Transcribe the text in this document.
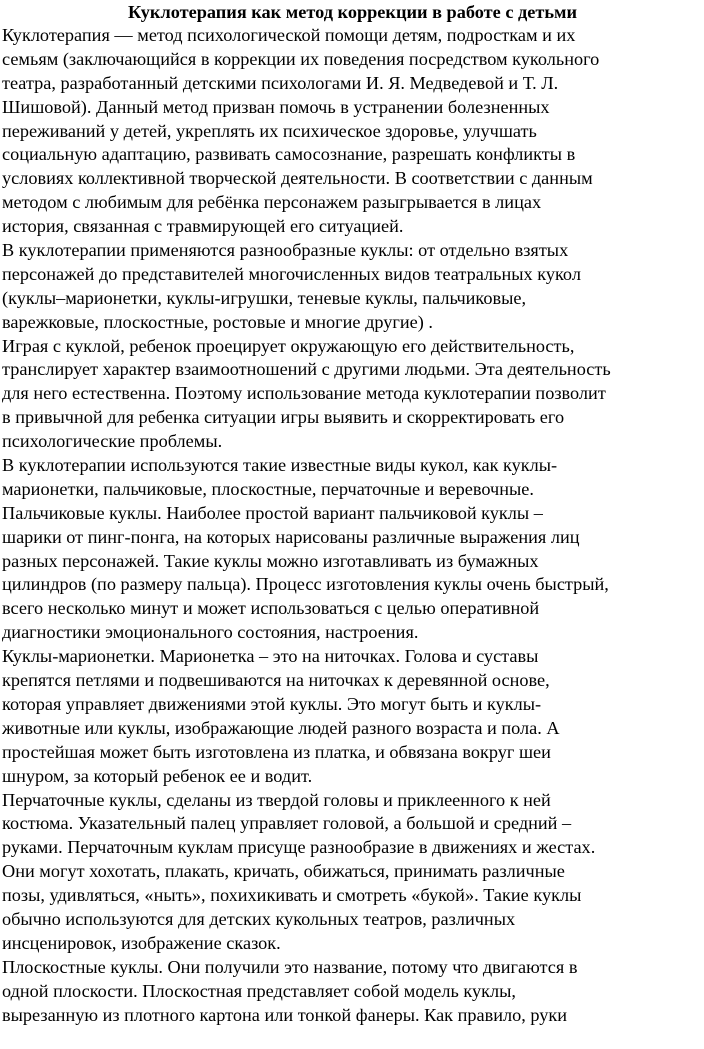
Куклотерапия как метод коррекции в работе с детьми

Куклотерапия — метод психологической помощи детям, подросткам и их
семьям (заключающийся в коррекции их поведения посредством кукольного
театра, разработанный детскими психологами И. Я. Медведевой и Т. Л.
Шишовой). Данный метод призван помочь в устранении болезненных
переживаний у детей, укреплять их психическое здоровье, улучшать
социальную адаптацию, развивать самосознание, разрешать конфликты в
условиях коллективной творческой деятельности. В соответствии с данным
методом с любимым для ребёнка персонажем разыгрывается в лицах
история, связанная с травмирующей его ситуацией.

В куклотерапии применяются разнообразные куклы: от отдельно взятых
персонажей до представителей многочисленных видов театральных кукол
(куклы–марионетки, куклы-игрушки, теневые куклы, пальчиковые,
варежковые, плоскостные, ростовые и многие другие) .

Играя с куклой, ребенок проецирует окружающую его действительность,
транслирует характер взаимоотношений с другими людьми. Эта деятельность
для него естественна. Поэтому использование метода куклотерапии позволит
в привычной для ребенка ситуации игры выявить и скорректировать его
психологические проблемы.

В куклотерапии используются такие известные виды кукол, как куклы-
марионетки, пальчиковые, плоскостные, перчаточные и веревочные.

Пальчиковые куклы. Наиболее простой вариант пальчиковой куклы –
шарики от пинг-понга, на которых нарисованы различные выражения лиц
разных персонажей. Такие куклы можно изготавливать из бумажных
цилиндров (по размеру пальца). Процесс изготовления куклы очень быстрый,
всего несколько минут и может использоваться с целью оперативной
диагностики эмоционального состояния, настроения.

Куклы-марионетки. Марионетка – это на ниточках. Голова и суставы
крепятся петлями и подвешиваются на ниточках к деревянной основе,
которая управляет движениями этой куклы. Это могут быть и куклы-
животные или куклы, изображающие людей разного возраста и пола. А
простейшая может быть изготовлена из платка, и обвязана вокруг шеи
шнуром, за который ребенок ее и водит.

Перчаточные куклы, сделаны из твердой головы и приклеенного к ней
костюма. Указательный палец управляет головой, а большой и средний –
руками. Перчаточным куклам присуще разнообразие в движениях и жестах.
Они могут хохотать, плакать, кричать, обижаться, принимать различные
позы, удивляться, «ныть», похихикивать и смотреть «букой». Такие куклы
обычно используются для детских кукольных театров, различных
инсценировок, изображение сказок.

Плоскостные куклы. Они получили это название, потому что двигаются в
одной плоскости. Плоскостная представляет собой модель куклы,
вырезанную из плотного картона или тонкой фанеры. Как правило, руки
